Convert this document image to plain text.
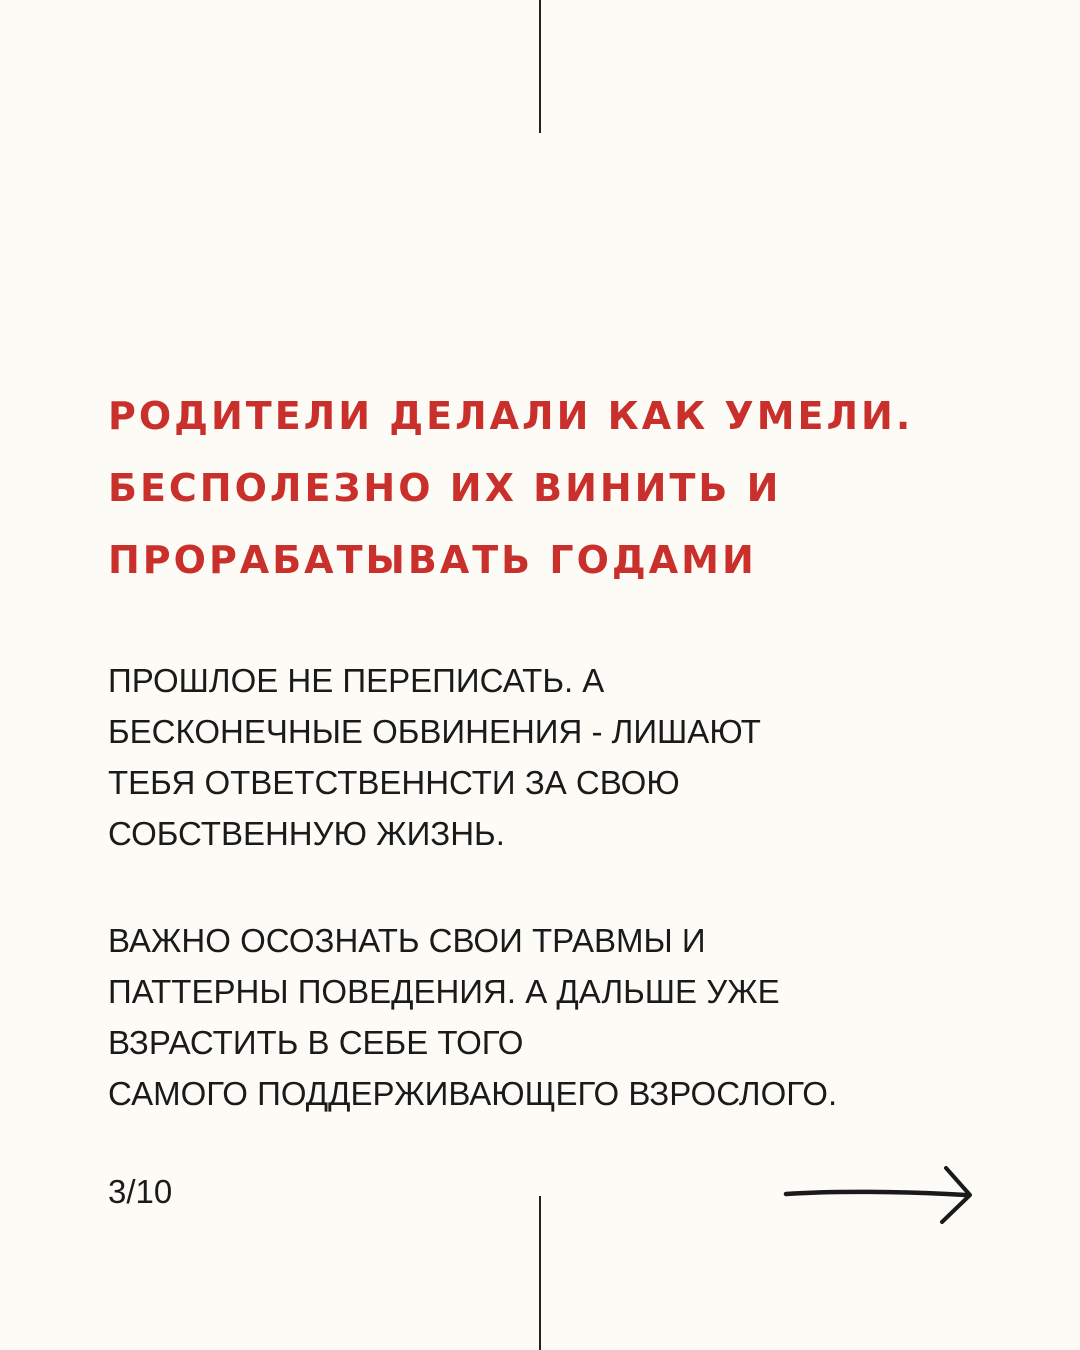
РОДИТЕЛИ ДЕЛАЛИ КАК УМЕЛИ.
БЕСПОЛЕЗНО ИХ ВИНИТЬ И
ПРОРАБАТЫВАТЬ ГОДАМИ

ПРОШЛОЕ НЕ ПЕРЕПИСАТЬ. А
БЕСКОНЕЧНЫЕ ОБВИНЕНИЯ - ЛИШАЮТ
ТЕБЯ ОТВЕТСТВЕННСТИ ЗА СВОЮ
СОБСТВЕННУЮ ЖИЗНЬ.

ВАЖНО ОСОЗНАТЬ СВОИ ТРАВМЫ И
ПАТТЕРНЫ ПОВЕДЕНИЯ. А ДАЛЬШЕ УЖЕ
ВЗРАСТИТЬ В СЕБЕ ТОГО
САМОГО ПОДДЕРЖИВАЮЩЕГО ВЗРОСЛОГО.

3/10
